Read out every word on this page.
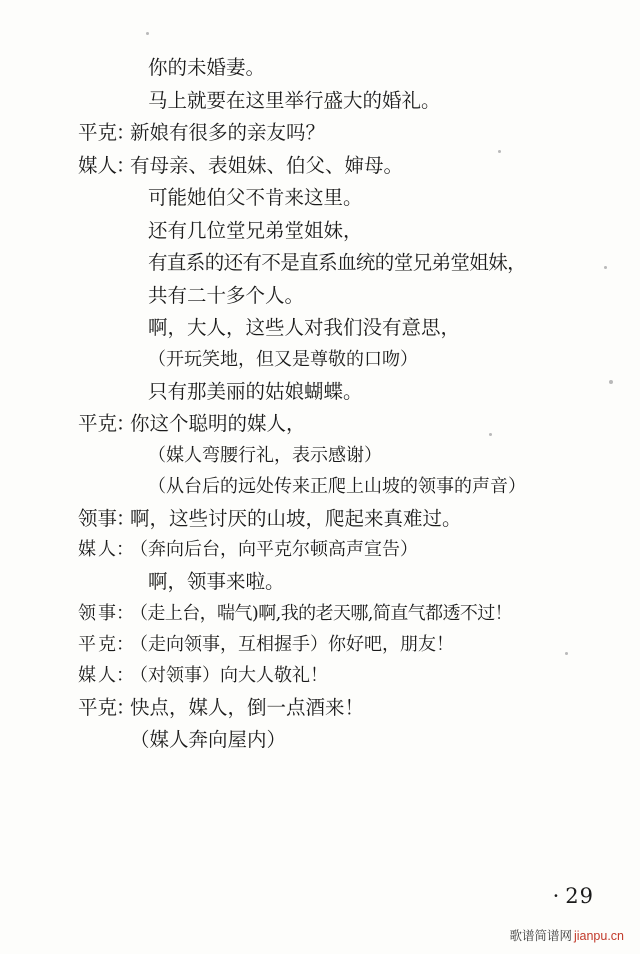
你的未婚妻。
马上就要在这里举行盛大的婚礼。
平 克
：
新娘有很多的亲友吗？
媒 人
：
有母亲、表姐妹、伯父、婶母。
可能她伯父不肯来这里。
还有几位堂兄弟堂姐妹，
有直系的还有不是直系血统的堂兄弟堂姐妹，
共有二十多个人。
啊，大人，这些人对我们没有意思，
（开玩笑地，但又是尊敬的口吻）
只有那美丽的姑娘蝴蝶。
平 克
：
你这个聪明的媒人，
（媒人弯腰行礼，表示感谢）
（从台后的远处传来正爬上山坡的领事的声音）
领 事
：
啊，这些讨厌的山坡，爬起来真难过。
媒 人 ：
（奔向后台，向平克尔顿高声宣告）
啊，领事来啦。
领 事 ：
（走上台，喘气)啊,我的老天哪,简直气都透不过！
平 克 ：
（走向领事，互相握手）你好吧，朋友！
媒 人 ：
（对领事）向大人敬礼！
平 克
：
快点，媒人，倒一点酒来！
（媒人奔向屋内）
· 29
歌谱简谱网 jianpu.cn
